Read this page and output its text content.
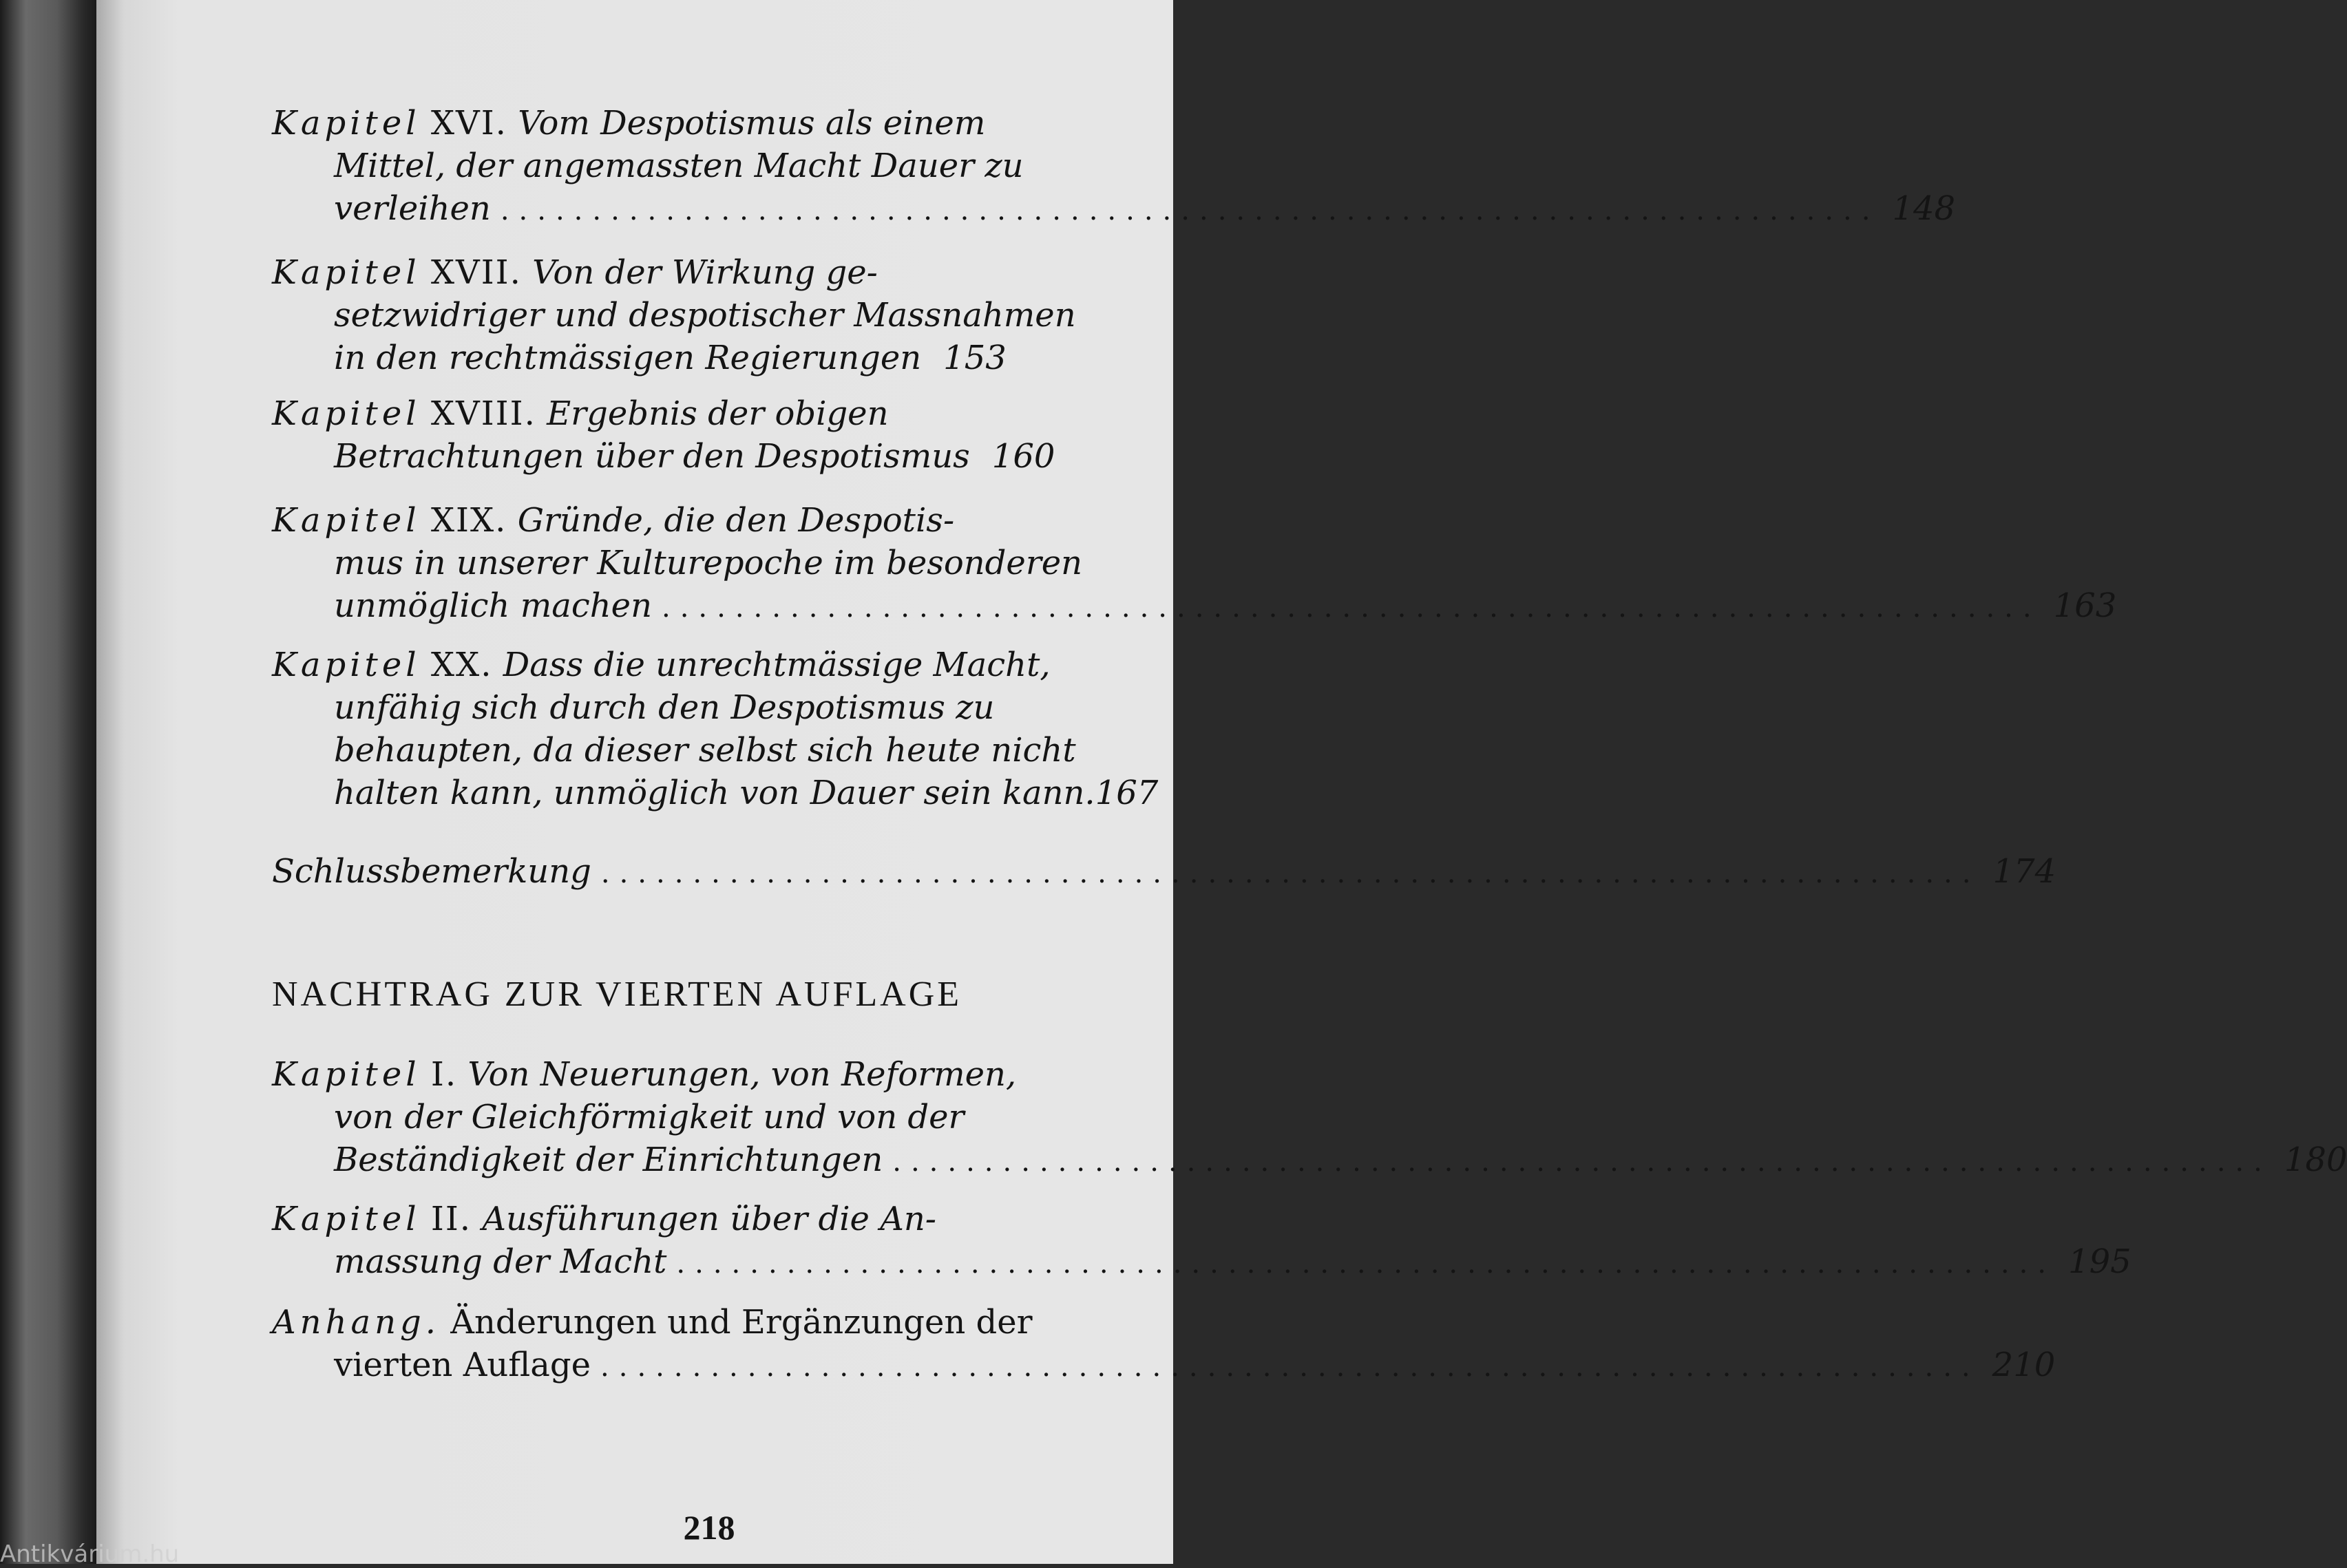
Kapitel XVI. Vom Despotismus als einem
Mittel, der angemassten Macht Dauer zu
verleihen ........................................................................... 148
Kapitel XVII. Von der Wirkung ge-
setzwidriger und despotischer Massnahmen
in den rechtmässigen Regierungen 153
Kapitel XVIII. Ergebnis der obigen
Betrachtungen über den Despotismus 160
Kapitel XIX. Gründe, die den Despotis-
mus in unserer Kulturepoche im besonderen
unmöglich machen ........................................................................... 163
Kapitel XX. Dass die unrechtmässige Macht,
unfähig sich durch den Despotismus zu
behaupten, da dieser selbst sich heute nicht
halten kann, unmöglich von Dauer sein kann. 167
Schlussbemerkung ........................................................................... 174
NACHTRAG ZUR VIERTEN AUFLAGE
Kapitel I. Von Neuerungen, von Reformen,
von der Gleichförmigkeit und von der
Beständigkeit der Einrichtungen ........................................................................... 180
Kapitel II. Ausführungen über die An-
massung der Macht ........................................................................... 195
Anhang. Änderungen und Ergänzungen der
vierten Auflage ........................................................................... 210
218
Antikvárium.hu
